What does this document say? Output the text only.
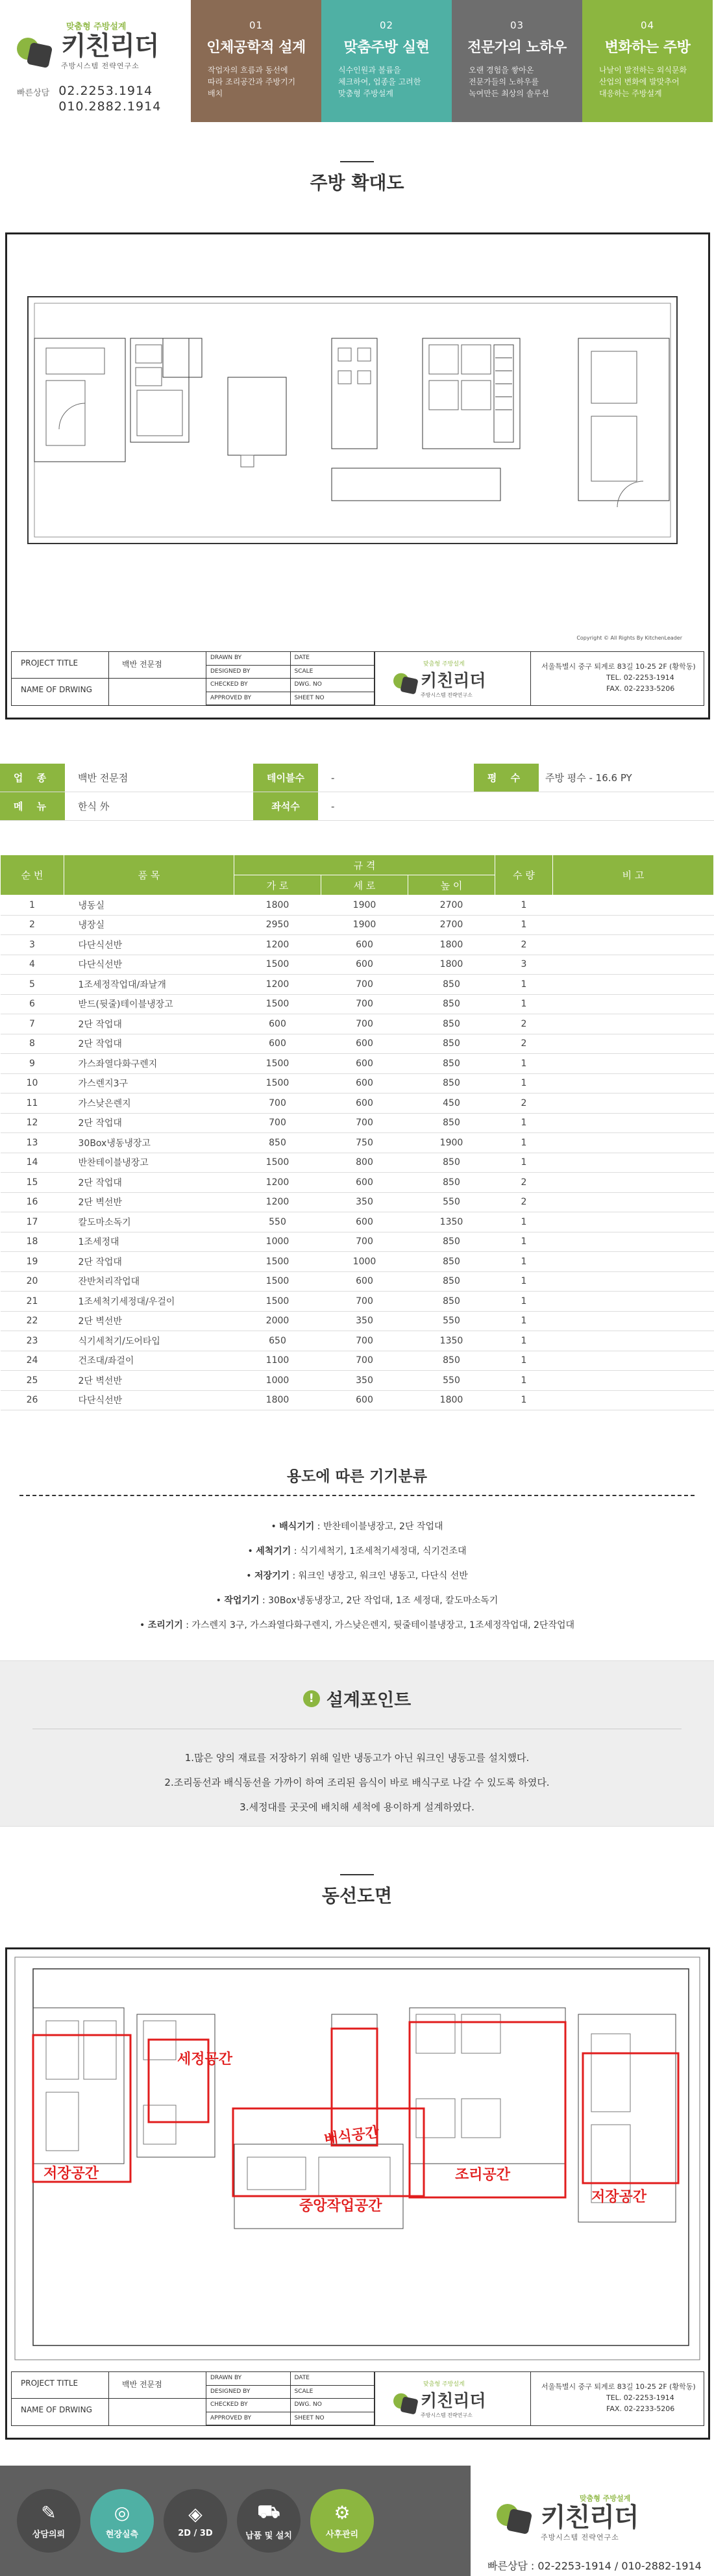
맞춤형 주방설계
키친리더
주방시스템 전략연구소
빠른상담 02.2253.1914
010.2882.1914
01
인체공학적 설계
작업자의 흐름과 동선에
따라 조리공간과 주방기기
배치
02
맞춤주방 실현
식수인원과 볼륨을
체크하여, 업종을 고려한
맞춤형 주방설계
03
전문가의 노하우
오랜 경험을 쌓아온
전문가들의 노하우를
녹여만든 최상의 솔루션
04
변화하는 주방
나날이 발전하는 외식문화
산업의 변화에 발맞추어
대응하는 주방설계
주방 확대도
Copyright © All Rights By KitchenLeader
PROJECT TITLE
NAME OF DRWING
백반 전문점
DRAWN BY	DATE
DESIGNED BY	SCALE
CHECKED BY	DWG. NO
APPROVED BY	SHEET NO
맞춤형 주방설계
키친리더
주방시스템 전략연구소
서울특별시 중구 퇴계로 83길 10-25 2F (황학동)
TEL. 02-2253-1914
FAX. 02-2233-5206
업 종	백반 전문점	테이블수	-	평 수	주방 평수 - 16.6 PY
메 뉴	한식 外	좌석수	-
순 번	품 목	규 격			수 량	비 고
		가 로	세 로	높 이		
1	냉동실	1800	1900	2700	1	
2	냉장실	2950	1900	2700	1	
3	다단식선반	1200	600	1800	2	
4	다단식선반	1500	600	1800	3	
5	1조세정작업대/좌날개	1200	700	850	1	
6	받드(뒷줄)테이블냉장고	1500	700	850	1	
7	2단 작업대	600	700	850	2	
8	2단 작업대	600	600	850	2	
9	가스좌열다화구렌지	1500	600	850	1	
10	가스렌지3구	1500	600	850	1	
11	가스낮은렌지	700	600	450	2	
12	2단 작업대	700	700	850	1	
13	30Box냉동냉장고	850	750	1900	1	
14	반찬테이블냉장고	1500	800	850	1	
15	2단 작업대	1200	600	850	2	
16	2단 벽선반	1200	350	550	2	
17	칼도마소독기	550	600	1350	1	
18	1조세정대	1000	700	850	1	
19	2단 작업대	1500	1000	850	1	
20	잔반처리작업대	1500	600	850	1	
21	1조세척기세정대/우걸이	1500	700	850	1	
22	2단 벽선반	2000	350	550	1	
23	식기세척기/도어타입	650	700	1350	1	
24	건조대/좌걸이	1100	700	850	1	
25	2단 벽선반	1000	350	550	1	
26	다단식선반	1800	600	1800	1	
용도에 따른 기기분류
• 배식기기 : 반찬테이블냉장고, 2단 작업대
• 세척기기 : 식기세척기, 1조세척기세정대, 식기건조대
• 저장기기 : 워크인 냉장고, 워크인 냉동고, 다단식 선반
• 작업기기 : 30Box냉동냉장고, 2단 작업대, 1조 세정대, 칼도마소독기
• 조리기기 : 가스렌지 3구, 가스좌열다화구렌지, 가스낮은렌지, 뒷줄테이블냉장고, 1조세정작업대, 2단작업대
! 설계포인트
1.많은 양의 재료를 저장하기 위해 일반 냉동고가 아닌 워크인 냉동고를 설치했다.
2.조리동선과 배식동선을 가까이 하여 조리된 음식이 바로 배식구로 나갈 수 있도록 하였다.
3.세정대를 곳곳에 배치해 세척에 용이하게 설계하였다.
동선도면
저장공간
세정공간
배식공간
중앙작업공간
조리공간
저장공간
PROJECT TITLE
NAME OF DRWING
백반 전문점
DRAWN BY	DATE
DESIGNED BY	SCALE
CHECKED BY	DWG. NO
APPROVED BY	SHEET NO
맞춤형 주방설계
키친리더
주방시스템 전략연구소
서울특별시 중구 퇴계로 83길 10-25 2F (황학동)
TEL. 02-2253-1914
FAX. 02-2233-5206
✎
상담의뢰
◎
현장실측
◈
2D / 3D
⛟
납품 및 설치
⚙
사후관리
맞춤형 주방설계
키친리더
주방시스템 전략연구소
빠른상담 : 02-2253-1914 / 010-2882-1914
